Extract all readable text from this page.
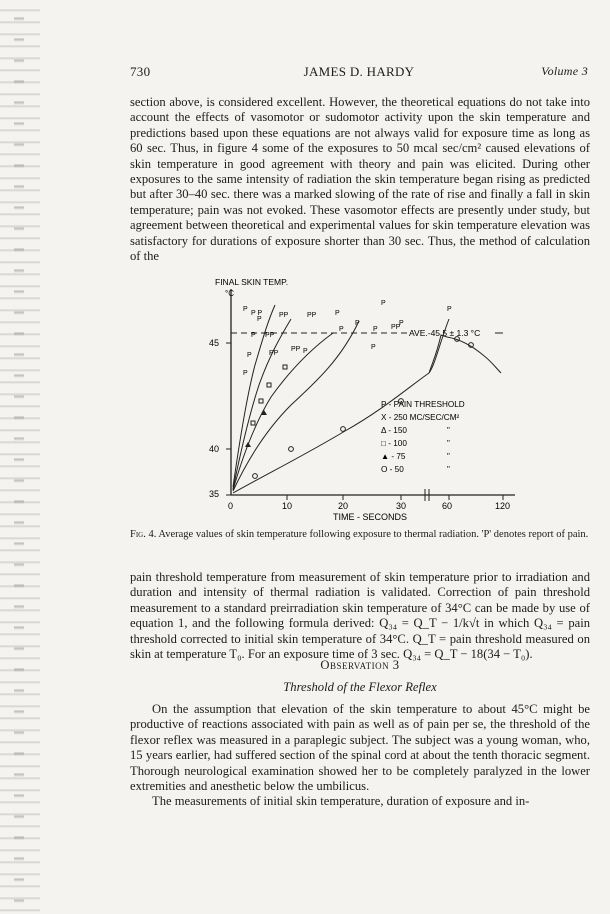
730	JAMES D. HARDY	Volume 3

section above, is considered excellent. However, the theoretical equations do not take into account the effects of vasomotor or sudomotor activity upon the skin temperature and predictions based upon these equations are not always valid for exposure time as long as 60 sec. Thus, in figure 4 some of the exposures to 50 mcal sec/cm² caused elevations of skin temperature in good agreement with theory and pain was elicited. During other exposures to the same intensity of radiation the skin temperature began rising as predicted but after 30–40 sec. there was a marked slowing of the rate of rise and finally a fall in skin temperature; pain was not evoked. These vasomotor effects are presently under study, but agreement between theoretical and experimental values for skin temperature elevation was satisfactory for durations of exposure shorter than 30 sec. Thus, the method of calculation of the

FINAL SKIN TEMP.
°C
35
40
45
0	10	20	30	60	120
TIME - SECONDS
AVE.-45.5 ± 1.3 °C
P
P P
P
PP	PP	P
P
P
P
P
P PP
P
P
P PP
P PP
PP P
P
P - PAIN THRESHOLD
X - 250 MC/SEC/CM²
Δ - 150
□ - 100
▲ - 75
O - 50
"
"
"
"
Fig. 4. Average values of skin temperature following exposure to thermal radiation. 'P' denotes report of pain.

pain threshold temperature from measurement of skin temperature prior to irradiation and duration and intensity of thermal radiation is validated. Correction of pain threshold measurement to a standard preirradiation skin temperature of 34°C can be made by use of equation 1, and the following formula derived: Q₃₄ = Q_T − 1/k√t in which Q₃₄ = pain threshold corrected to initial skin temperature of 34°C. Q_T = pain threshold measured on skin at temperature T₀. For an exposure time of 3 sec. Q₃₄ = Q_T − 18(34 − T₀).

Observation 3
Threshold of the Flexor Reflex

On the assumption that elevation of the skin temperature to about 45°C might be productive of reactions associated with pain as well as of pain per se, the threshold of the flexor reflex was measured in a paraplegic subject. The subject was a young woman, who, 15 years earlier, had suffered section of the spinal cord at about the tenth thoracic segment. Thorough neurological examination showed her to be completely paralyzed in the lower extremities and anesthetic below the umbilicus.

The measurements of initial skin temperature, duration of exposure and in-
